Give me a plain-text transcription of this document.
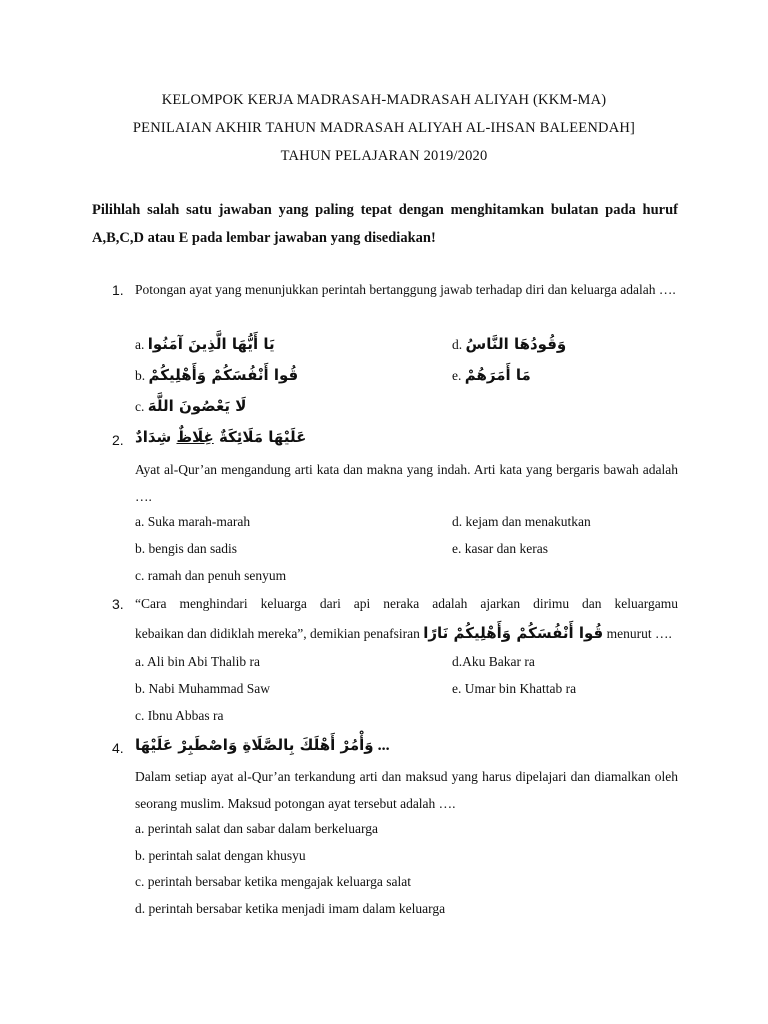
KELOMPOK KERJA MADRASAH-MADRASAH ALIYAH (KKM-MA)
PENILAIAN AKHIR TAHUN MADRASAH ALIYAH AL-IHSAN BALEENDAH]
TAHUN PELAJARAN 2019/2020
Pilihlah salah satu jawaban yang paling tepat dengan menghitamkan bulatan pada huruf A,B,C,D atau E pada lembar jawaban yang disediakan!
1. Potongan ayat yang menunjukkan perintah bertanggung jawab terhadap diri dan keluarga adalah ….
a. يَا أَيُّهَا الَّذِينَ آمَنُوا
b. قُوا أَنْفُسَكُمْ وَأَهْلِيكُمْ
c. لَا يَعْصُونَ اللَّهَ
d. وَقُودُهَا النَّاسُ
e. مَا أَمَرَهُمْ
2.	عَلَيْهَا مَلَائِكَةٌ غِلَاظٌ شِدَادٌ
Ayat al-Qur’an mengandung arti kata dan makna yang indah. Arti kata yang bergaris bawah adalah ….
a. Suka marah-marah
b. bengis dan sadis
c. ramah dan penuh senyum
d. kejam dan menakutkan
e. kasar dan keras
3. “Cara menghindari keluarga dari api neraka adalah ajarkan dirimu dan keluargamu
kebaikan dan didiklah mereka”, demikian penafsiran قُوا أَنْفُسَكُمْ وَأَهْلِيكُمْ نَارًا menurut ….
a. Ali bin Abi Thalib ra
b. Nabi Muhammad Saw
c. Ibnu Abbas ra
d.Aku Bakar ra
e. Umar bin Khattab ra
4. وَأْمُرْ أَهْلَكَ بِالصَّلَاةِ وَاصْطَبِرْ عَلَيْهَا ...
Dalam setiap ayat al-Qur’an terkandung arti dan maksud yang harus dipelajari dan diamalkan oleh seorang muslim. Maksud potongan ayat tersebut adalah ….
a. perintah salat dan sabar dalam berkeluarga
b. perintah salat dengan khusyu
c. perintah bersabar ketika mengajak keluarga salat
d. perintah bersabar ketika menjadi imam dalam keluarga
